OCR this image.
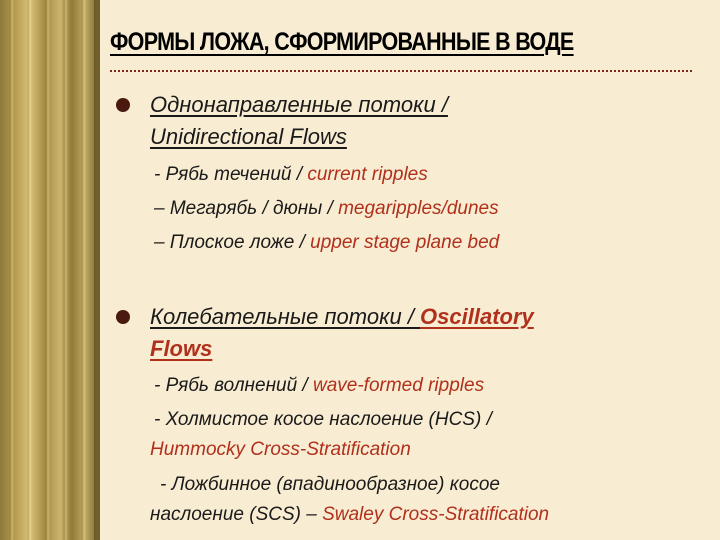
ФОРМЫ ЛОЖА, СФОРМИРОВАННЫЕ В ВОДЕ
Однонаправленные потоки /
Unidirectional Flows
- Рябь течений / current ripples
– Мегарябь / дюны / megaripples/dunes
– Плоское ложе / upper stage plane bed
Колебательные потоки / Oscillatory
Flows
- Рябь волнений / wave-formed ripples
- Холмистое косое наслоение (HCS) /
Hummocky Cross-Stratification
- Ложбинное (впадинообразное) косое
наслоение (SCS) – Swaley Cross-Stratification
